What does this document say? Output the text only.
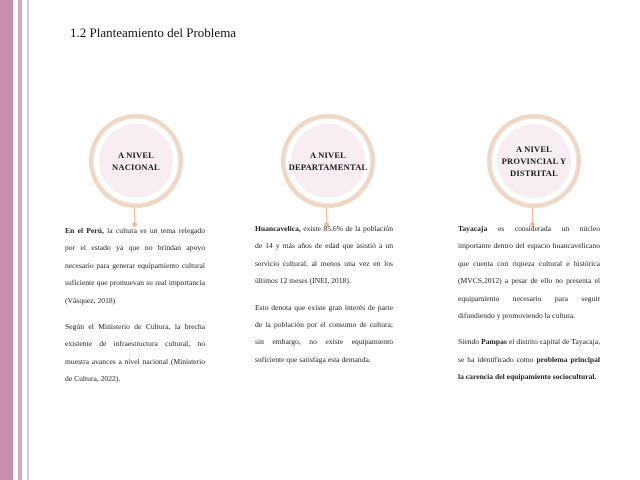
1.2 Planteamiento del Problema
A NIVEL NACIONAL
A NIVEL DEPARTAMENTAL
A NIVEL PROVINCIAL Y DISTRITAL

En el Perú, la cultura es un tema relegado por el estado ya que no brindan apoyo necesario para generar equipamiento cultural suficiente que promuevan su real importancia (Vásquez, 2018)

Según el Ministerio de Cultura, la brecha existente de infraestructura cultural, no muestra avances a nivel nacional (Ministerio de Cultura, 2022).

Huancavelica, existe 85.6% de la población de 14 y más años de edad que asistió a un servicio cultural, al menos una vez en los últimos 12 meses (INEI, 2018).

Esto denota que existe gran interés de parte de la población por el consumo de cultura; sin embargo, no existe equipamiento suficiente que satisfaga esta demanda.

Tayacaja es considerada un núcleo importante dentro del espacio huancavelicano que cuenta con riqueza cultural e histórica (MVCS,2012) a pesar de ello no presenta el equipamiento necesario para seguir difundiendo y promoviendo la cultura.

Siendo Pampas el distrito capital de Tayacaja, se ha identificado como problema principal la carencia del equipamiento sociocultural.
